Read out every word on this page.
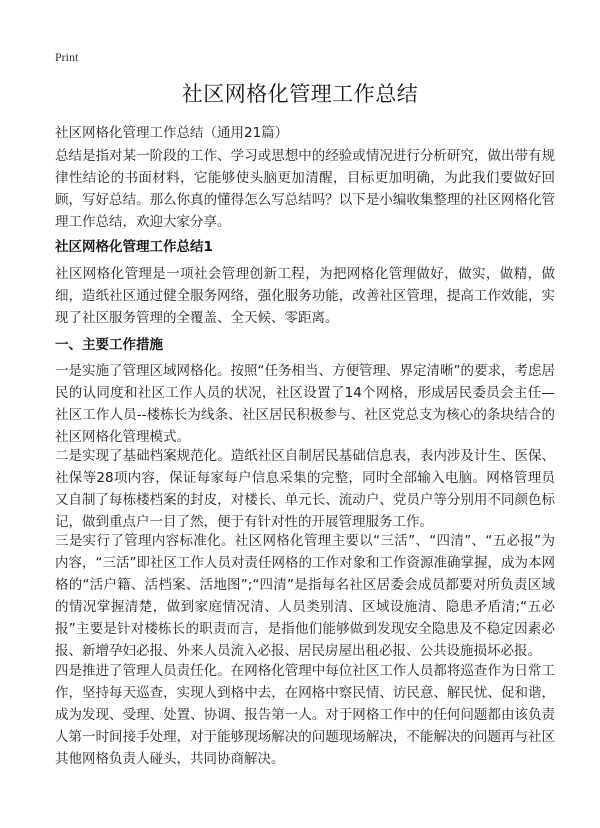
Print
社区网格化管理工作总结
社区网格化管理工作总结（通用21篇）

总结是指对某一阶段的工作、学习或思想中的经验或情况进行分析研究，做出带有规律性结论的书面材料，它能够使头脑更加清醒，目标更加明确，为此我们要做好回顾，写好总结。那么你真的懂得怎么写总结吗？以下是小编收集整理的社区网格化管理工作总结，欢迎大家分享。

社区网格化管理工作总结1

社区网格化管理是一项社会管理创新工程，为把网格化管理做好，做实，做精，做细，造纸社区通过健全服务网络，强化服务功能，改善社区管理，提高工作效能，实现了社区服务管理的全覆盖、全天候、零距离。

一、主要工作措施

一是实施了管理区域网格化。按照“任务相当、方便管理、界定清晰”的要求，考虑居民的认同度和社区工作人员的状况，社区设置了14个网格，形成居民委员会主任—社区工作人员--楼栋长为线条、社区居民积极参与、社区党总支为核心的条块结合的社区网格化管理模式。

二是实现了基础档案规范化。造纸社区自制居民基础信息表，表内涉及计生、医保、社保等28项内容，保证每家每户信息采集的完整，同时全部输入电脑。网格管理员又自制了每栋楼档案的封皮，对楼长、单元长、流动户、党员户等分别用不同颜色标记，做到重点户一目了然，便于有针对性的开展管理服务工作。

三是实行了管理内容标准化。社区网格化管理主要以“三活”、“四清”、“五必报”为内容，“三活”即社区工作人员对责任网格的工作对象和工作资源准确掌握，成为本网格的“活户籍、活档案、活地图”;“四清”是指每名社区居委会成员都要对所负责区域的情况掌握清楚，做到家庭情况清、人员类别清、区域设施清、隐患矛盾清;“五必报”主要是针对楼栋长的职责而言，是指他们能够做到发现安全隐患及不稳定因素必报、新增孕妇必报、外来人员流入必报、居民房屋出租必报、公共设施损坏必报。

四是推进了管理人员责任化。在网格化管理中每位社区工作人员都将巡查作为日常工作，坚持每天巡查，实现人到格中去，在网格中察民情、访民意、解民忧、促和谐，成为发现、受理、处置、协调、报告第一人。对于网格工作中的任何问题都由该负责人第一时间接手处理，对于能够现场解决的问题现场解决，不能解决的问题再与社区其他网格负责人碰头，共同协商解决。
